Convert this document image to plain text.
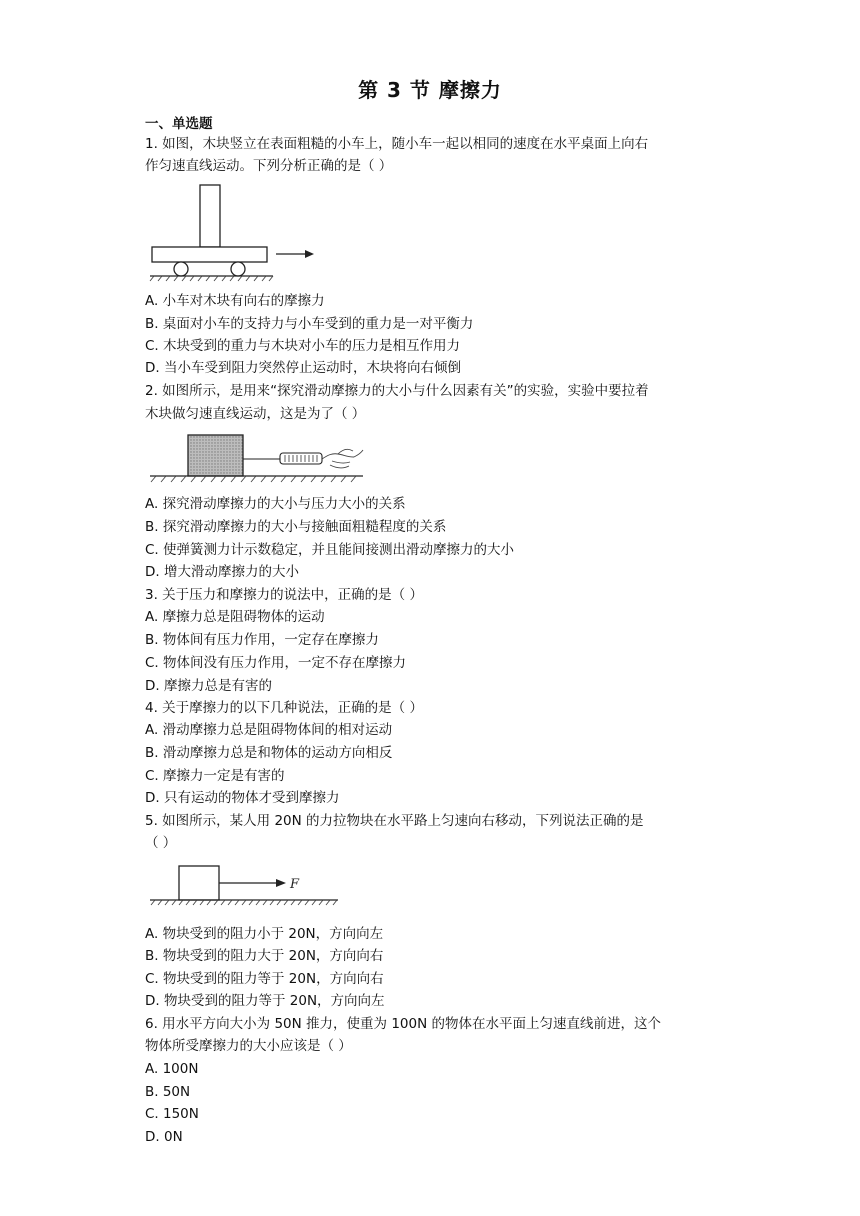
第 3 节 摩擦力
一、单选题
1. 如图，木块竖立在表面粗糙的小车上，随小车一起以相同的速度在水平桌面上向右
作匀速直线运动。下列分析正确的是（ ）
A. 小车对木块有向右的摩擦力
B. 桌面对小车的支持力与小车受到的重力是一对平衡力
C. 木块受到的重力与木块对小车的压力是相互作用力
D. 当小车受到阻力突然停止运动时，木块将向右倾倒
2. 如图所示，是用来“探究滑动摩擦力的大小与什么因素有关”的实验，实验中要拉着
木块做匀速直线运动，这是为了（ ）
A. 探究滑动摩擦力的大小与压力大小的关系
B. 探究滑动摩擦力的大小与接触面粗糙程度的关系
C. 使弹簧测力计示数稳定，并且能间接测出滑动摩擦力的大小
D. 增大滑动摩擦力的大小
3. 关于压力和摩擦力的说法中，正确的是（ ）
A. 摩擦力总是阻碍物体的运动
B. 物体间有压力作用，一定存在摩擦力
C. 物体间没有压力作用，一定不存在摩擦力
D. 摩擦力总是有害的
4. 关于摩擦力的以下几种说法，正确的是（ ）
A. 滑动摩擦力总是阻碍物体间的相对运动
B. 滑动摩擦力总是和物体的运动方向相反
C. 摩擦力一定是有害的
D. 只有运动的物体才受到摩擦力
5. 如图所示，某人用 20N 的力拉物块在水平路上匀速向右移动，下列说法正确的是
（ ）
F
A. 物块受到的阻力小于 20N，方向向左
B. 物块受到的阻力大于 20N，方向向右
C. 物块受到的阻力等于 20N，方向向右
D. 物块受到的阻力等于 20N，方向向左
6. 用水平方向大小为 50N 推力，使重为 100N 的物体在水平面上匀速直线前进，这个
物体所受摩擦力的大小应该是（ ）
A. 100N
B. 50N
C. 150N
D. 0N
